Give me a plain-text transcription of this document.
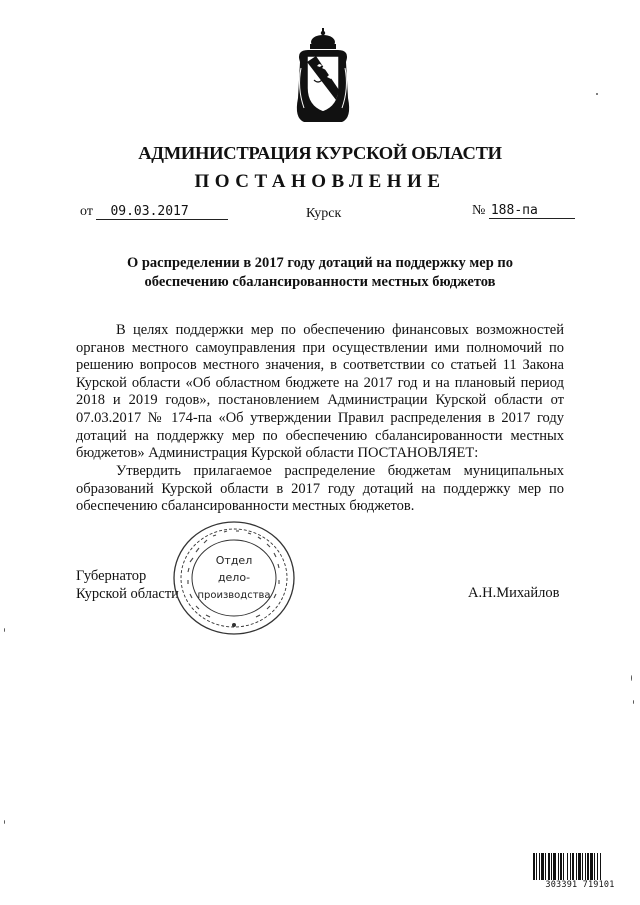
АДМИНИСТРАЦИЯ КУРСКОЙ ОБЛАСТИ
ПОСТАНОВЛЕНИЕ
от 09.03.2017	Курск	№ 188-па
О распределении в 2017 году дотаций на поддержку мер по
обеспечению сбалансированности местных бюджетов
В целях поддержки мер по обеспечению финансовых возможностей органов местного самоуправления при осуществлении ими полномочий по решению вопросов местного значения, в соответствии со статьей 11 Закона Курской области «Об областном бюджете на 2017 год и на плановый период 2018 и 2019 годов», постановлением Администрации Курской области от 07.03.2017 № 174-па «Об утверждении Правил распределения в 2017 году дотаций на поддержку мер по обеспечению сбалансированности местных бюджетов» Администрация Курской области ПОСТАНОВЛЯЕТ:
Утвердить прилагаемое распределение бюджетам муниципальных образований Курской области в 2017 году дотаций на поддержку мер по обеспечению сбалансированности местных бюджетов.
Губернатор
Курской области	А.Н.Михайлов
Отдел
дело-
производства
303391 719101
